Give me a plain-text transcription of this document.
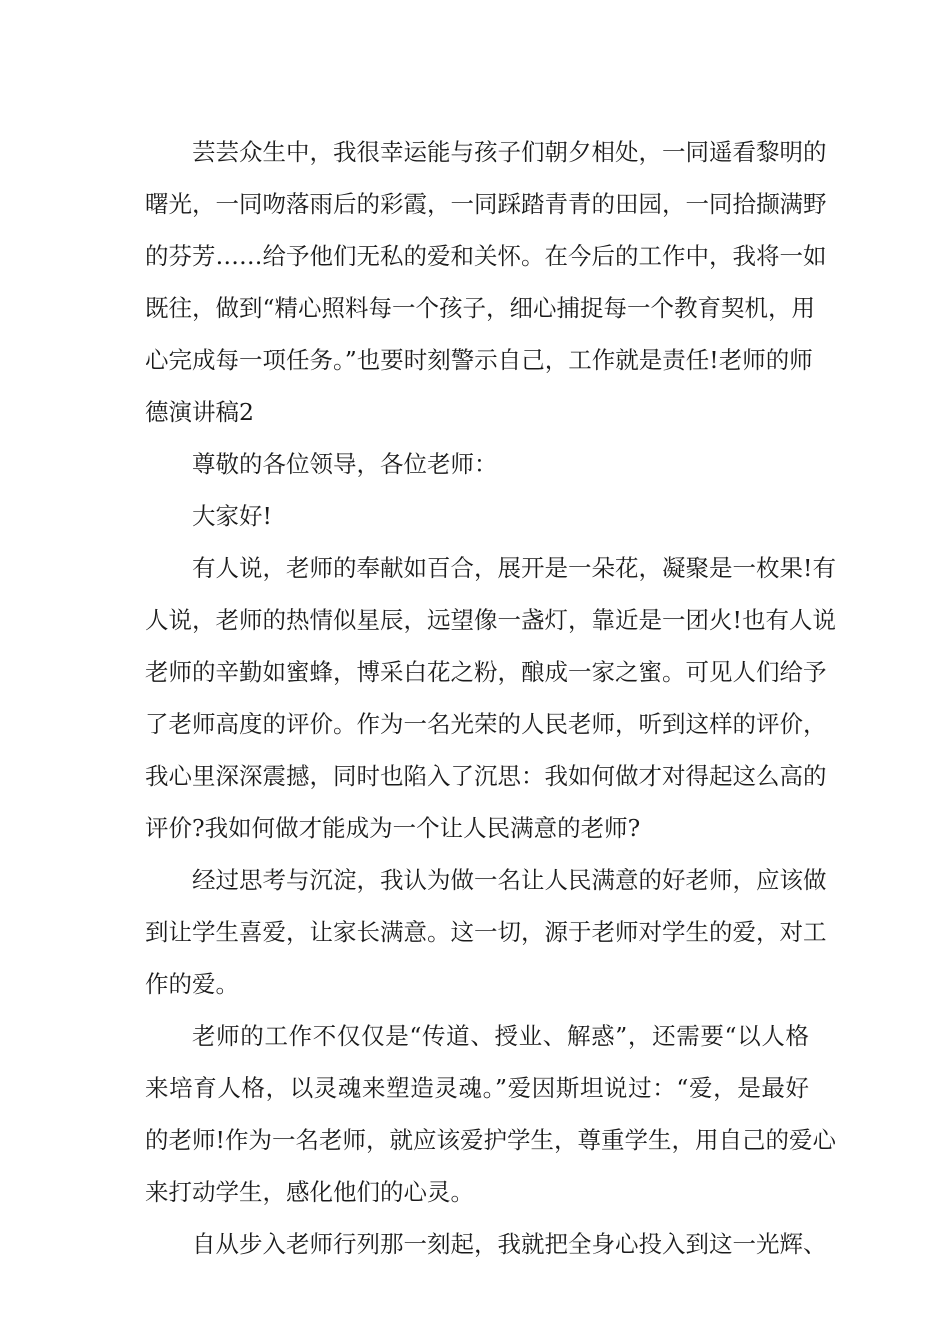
芸芸众生中，我很幸运能与孩子们朝夕相处，一同遥看黎明的
曙光，一同吻落雨后的彩霞，一同踩踏青青的田园，一同拾撷满野
的芬芳……给予他们无私的爱和关怀。在今后的工作中，我将一如
既往，做到“精心照料每一个孩子，细心捕捉每一个教育契机，用
心完成每一项任务。”也要时刻警示自己，工作就是责任!老师的师
德演讲稿2
尊敬的各位领导，各位老师：
大家好!
有人说，老师的奉献如百合，展开是一朵花，凝聚是一枚果!有
人说，老师的热情似星辰，远望像一盏灯，靠近是一团火!也有人说
老师的辛勤如蜜蜂，博采白花之粉，酿成一家之蜜。可见人们给予
了老师高度的评价。作为一名光荣的人民老师，听到这样的评价，
我心里深深震撼，同时也陷入了沉思：我如何做才对得起这么高的
评价?我如何做才能成为一个让人民满意的老师?
经过思考与沉淀，我认为做一名让人民满意的好老师，应该做
到让学生喜爱，让家长满意。这一切，源于老师对学生的爱，对工
作的爱。
老师的工作不仅仅是“传道、授业、解惑”，还需要“以人格
来培育人格，以灵魂来塑造灵魂。”爱因斯坦说过：“爱，是最好
的老师!作为一名老师，就应该爱护学生，尊重学生，用自己的爱心
来打动学生，感化他们的心灵。
自从步入老师行列那一刻起，我就把全身心投入到这一光辉、
